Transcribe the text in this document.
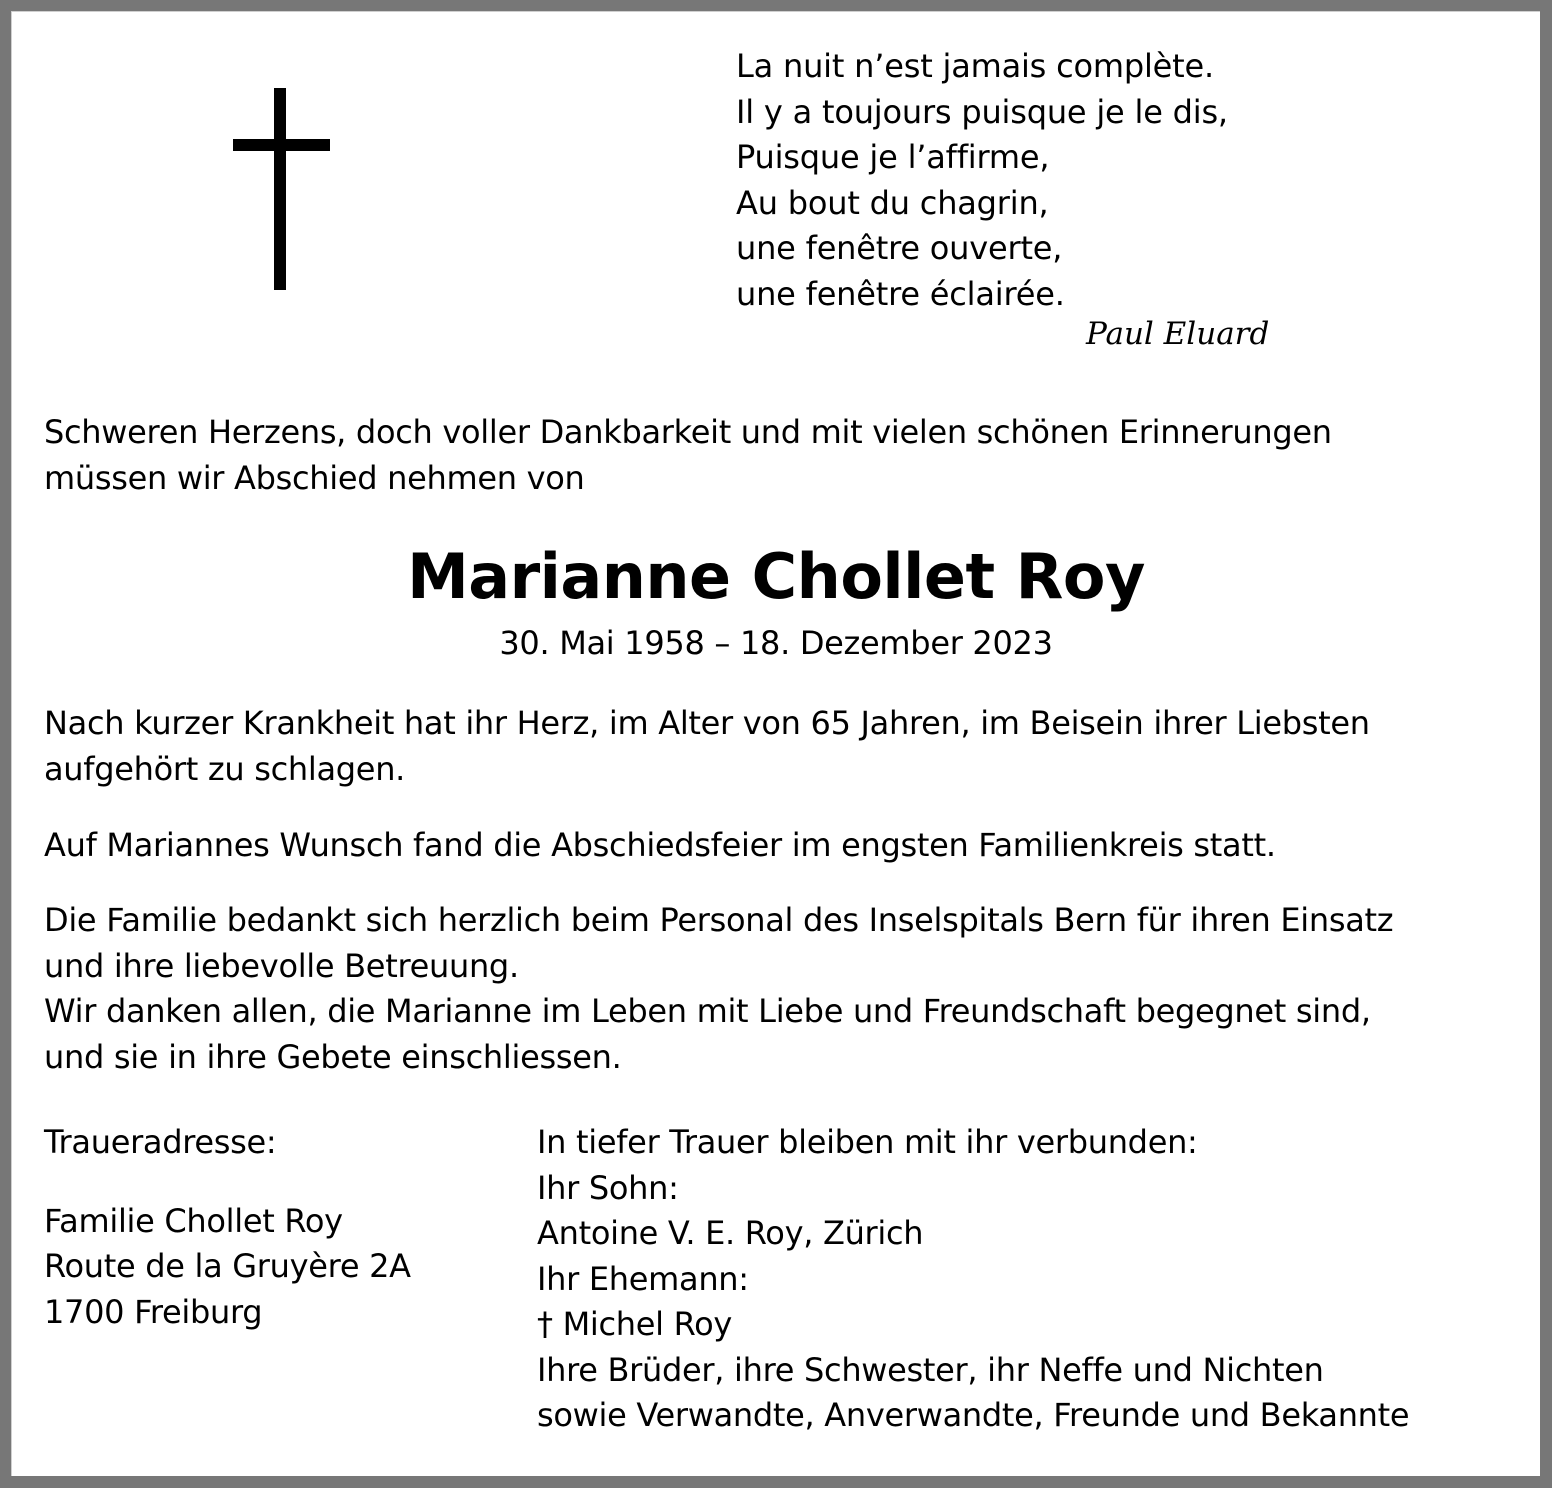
La nuit n’est jamais complète.
Il y a toujours puisque je le dis,
Puisque je l’affirme,
Au bout du chagrin,
une fenêtre ouverte,
une fenêtre éclairée.
Paul Eluard
Schweren Herzens, doch voller Dankbarkeit und mit vielen schönen Erinnerungen
müssen wir Abschied nehmen von
Marianne Chollet Roy
30. Mai 1958 – 18. Dezember 2023
Nach kurzer Krankheit hat ihr Herz, im Alter von 65 Jahren, im Beisein ihrer Liebsten
aufgehört zu schlagen.
Auf Mariannes Wunsch fand die Abschiedsfeier im engsten Familienkreis statt.
Die Familie bedankt sich herzlich beim Personal des Inselspitals Bern für ihren Einsatz
und ihre liebevolle Betreuung.
Wir danken allen, die Marianne im Leben mit Liebe und Freundschaft begegnet sind,
und sie in ihre Gebete einschliessen.
Traueradresse:
Familie Chollet Roy
Route de la Gruyère 2A
1700 Freiburg
In tiefer Trauer bleiben mit ihr verbunden:
Ihr Sohn:
Antoine V. E. Roy, Zürich
Ihr Ehemann:
† Michel Roy
Ihre Brüder, ihre Schwester, ihr Neffe und Nichten
sowie Verwandte, Anverwandte, Freunde und Bekannte
